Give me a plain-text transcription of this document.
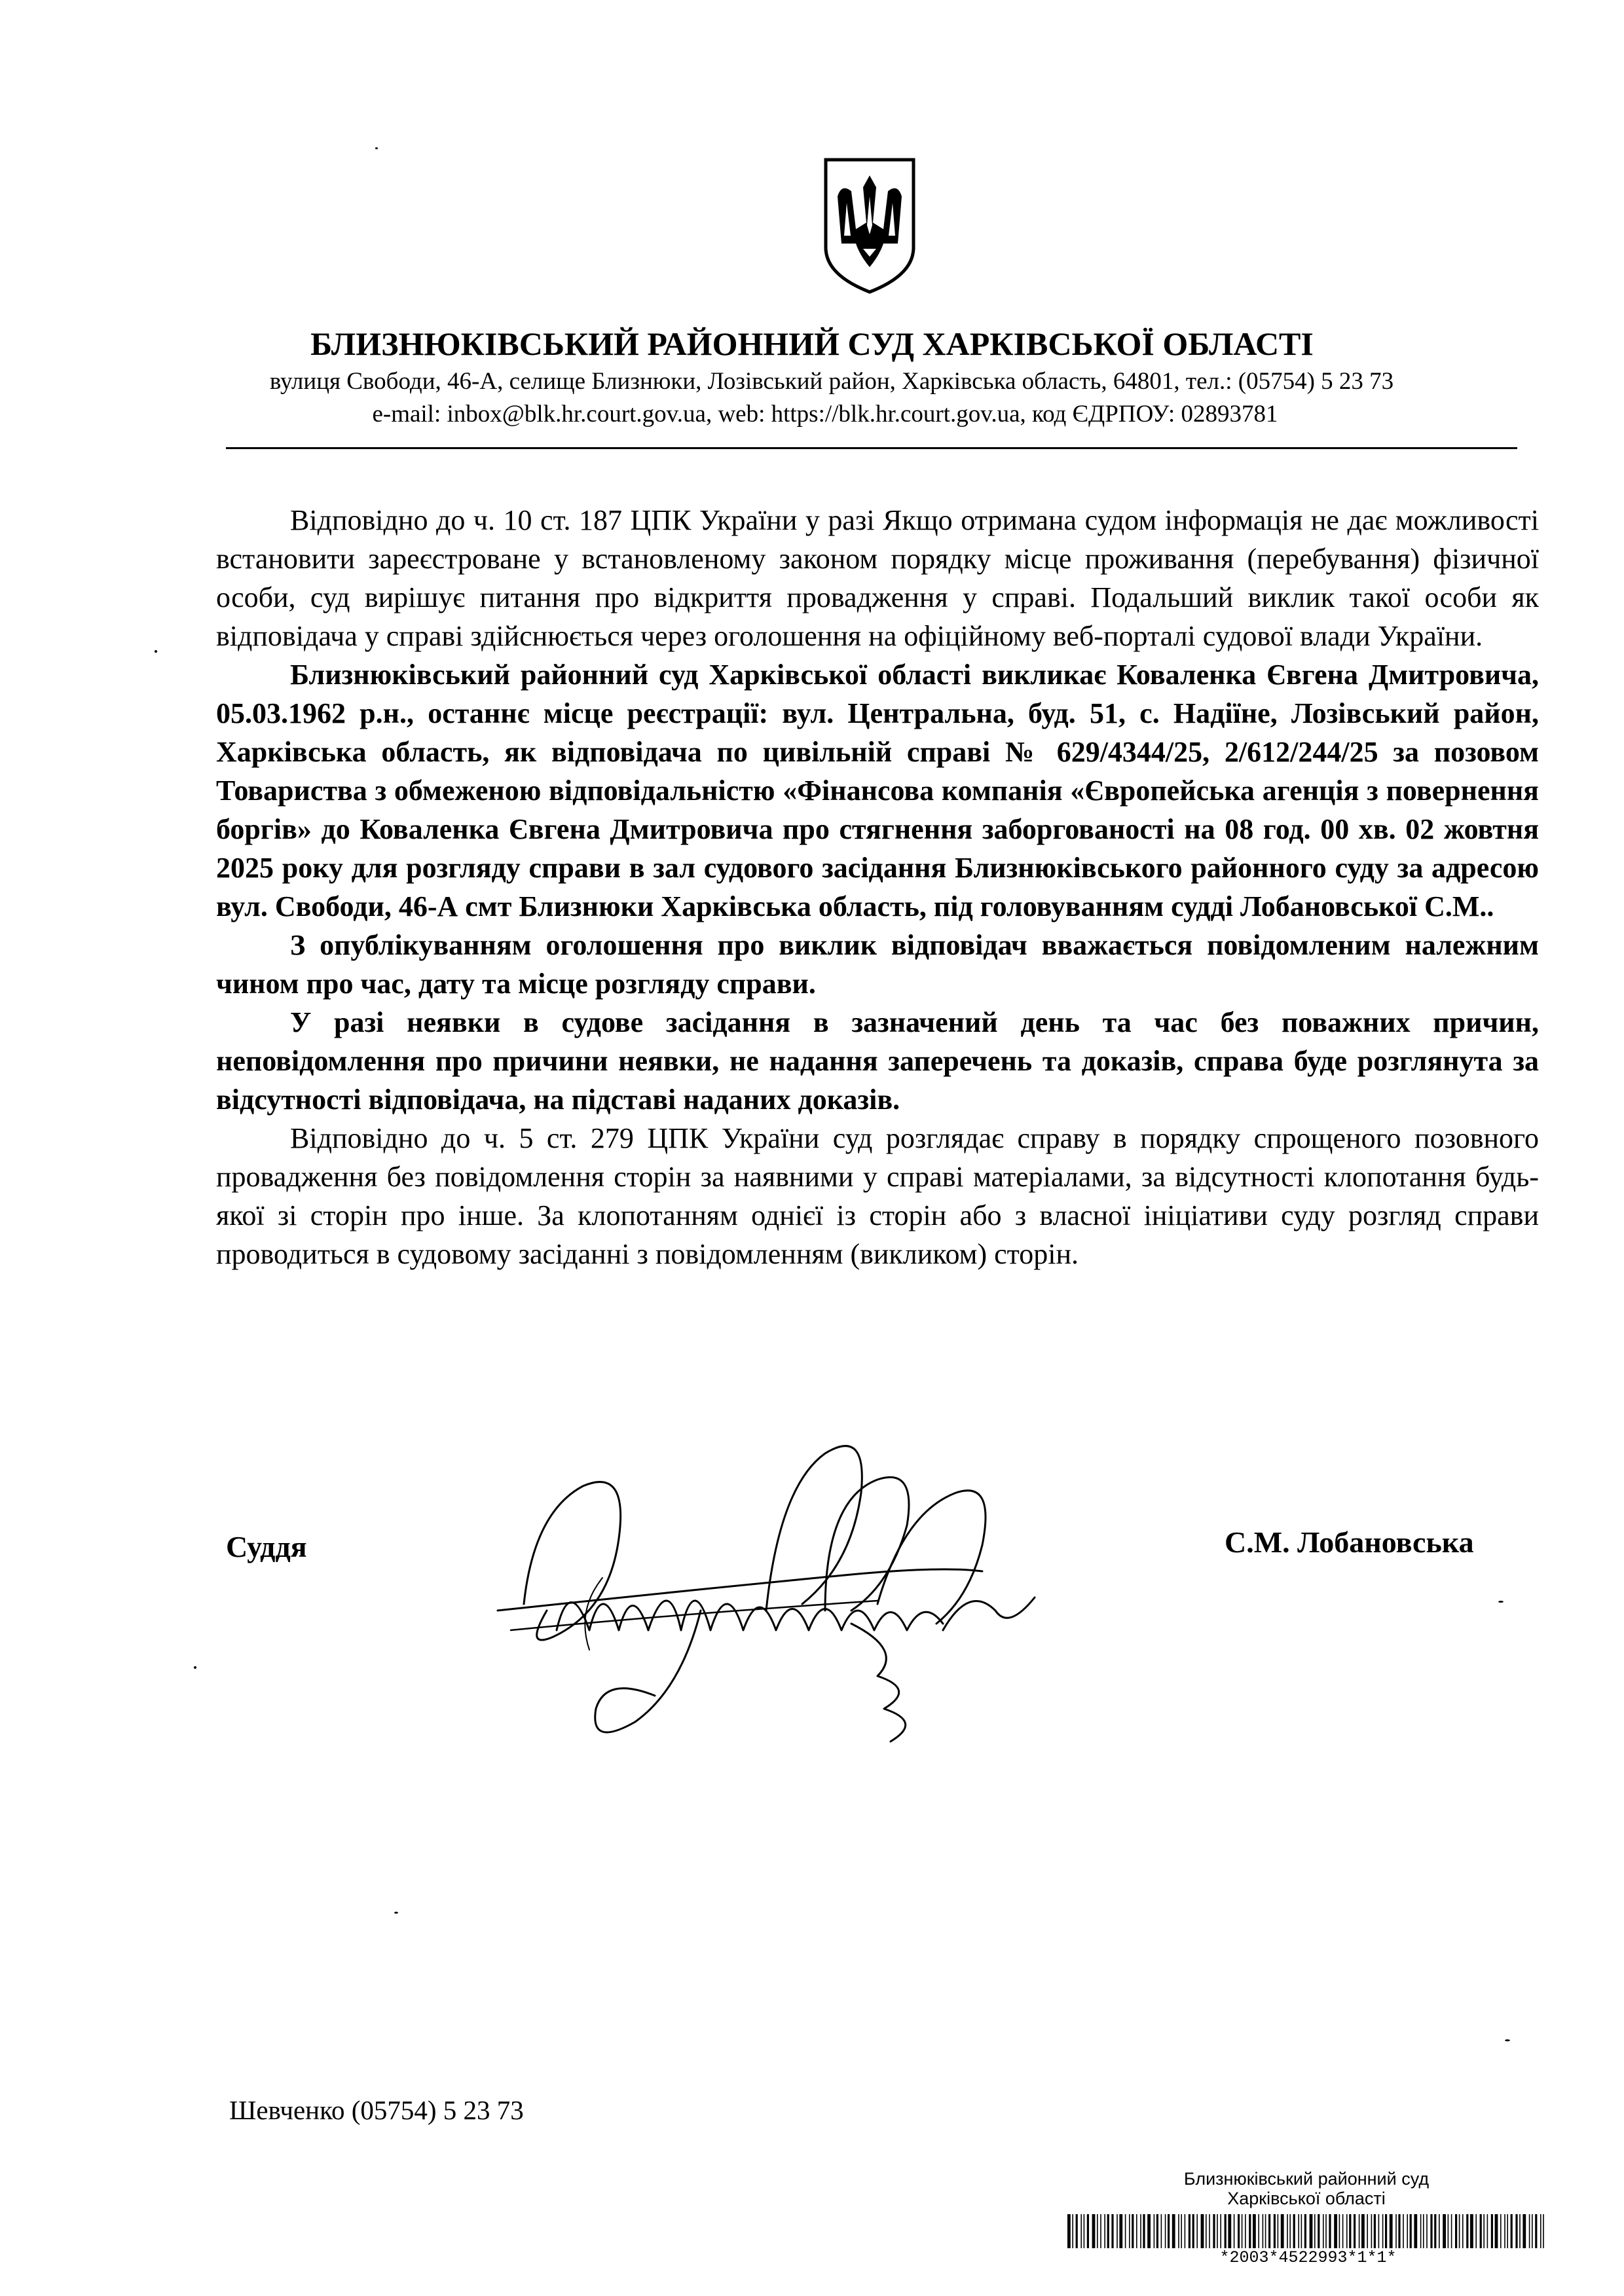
БЛИЗНЮКІВСЬКИЙ РАЙОННИЙ СУД ХАРКІВСЬКОЇ ОБЛАСТІ
вулиця Свободи, 46-А, селище Близнюки, Лозівський район, Харківська область, 64801, тел.: (05754) 5 23 73
e-mail: inbox@blk.hr.court.gov.ua, web: https://blk.hr.court.gov.ua, код ЄДРПОУ: 02893781

Відповідно до ч. 10 ст. 187 ЦПК України у разі Якщо отримана судом інформація не дає можливості встановити зареєстроване у встановленому законом порядку місце проживання (перебування) фізичної особи, суд вирішує питання про відкриття провадження у справі. Подальший виклик такої особи як відповідача у справі здійснюється через оголошення на офіційному веб-порталі судової влади України.

Близнюківський районний суд Харківської області викликає Коваленка Євгена Дмитровича, 05.03.1962 р.н., останнє місце реєстрації: вул. Центральна, буд. 51, с. Надіїне, Лозівський район, Харківська область, як відповідача по цивільній справі № 629/4344/25, 2/612/244/25 за позовом Товариства з обмеженою відповідальністю «Фінансова компанія «Європейська агенція з повернення боргів» до Коваленка Євгена Дмитровича про стягнення заборгованості на 08 год. 00 хв. 02 жовтня 2025 року для розгляду справи в зал судового засідання Близнюківського районного суду за адресою вул. Свободи, 46-А смт Близнюки Харківська область, під головуванням судді Лобановської С.М..

З опублікуванням оголошення про виклик відповідач вважається повідомленим належним чином про час, дату та місце розгляду справи.

У разі неявки в судове засідання в зазначений день та час без поважних причин, неповідомлення про причини неявки, не надання заперечень та доказів, справа буде розглянута за відсутності відповідача, на підставі наданих доказів.

Відповідно до ч. 5 ст. 279 ЦПК України суд розглядає справу в порядку спрощеного позовного провадження без повідомлення сторін за наявними у справі матеріалами, за відсутності клопотання будь-якої зі сторін про інше. За клопотанням однієї із сторін або з власної ініціативи суду розгляд справи проводиться в судовому засіданні з повідомленням (викликом) сторін.

Суддя	С.М. Лобановська
Шевченко (05754) 5 23 73
Близнюківський районний суд
Харківської області
*2003*4522993*1*1*
